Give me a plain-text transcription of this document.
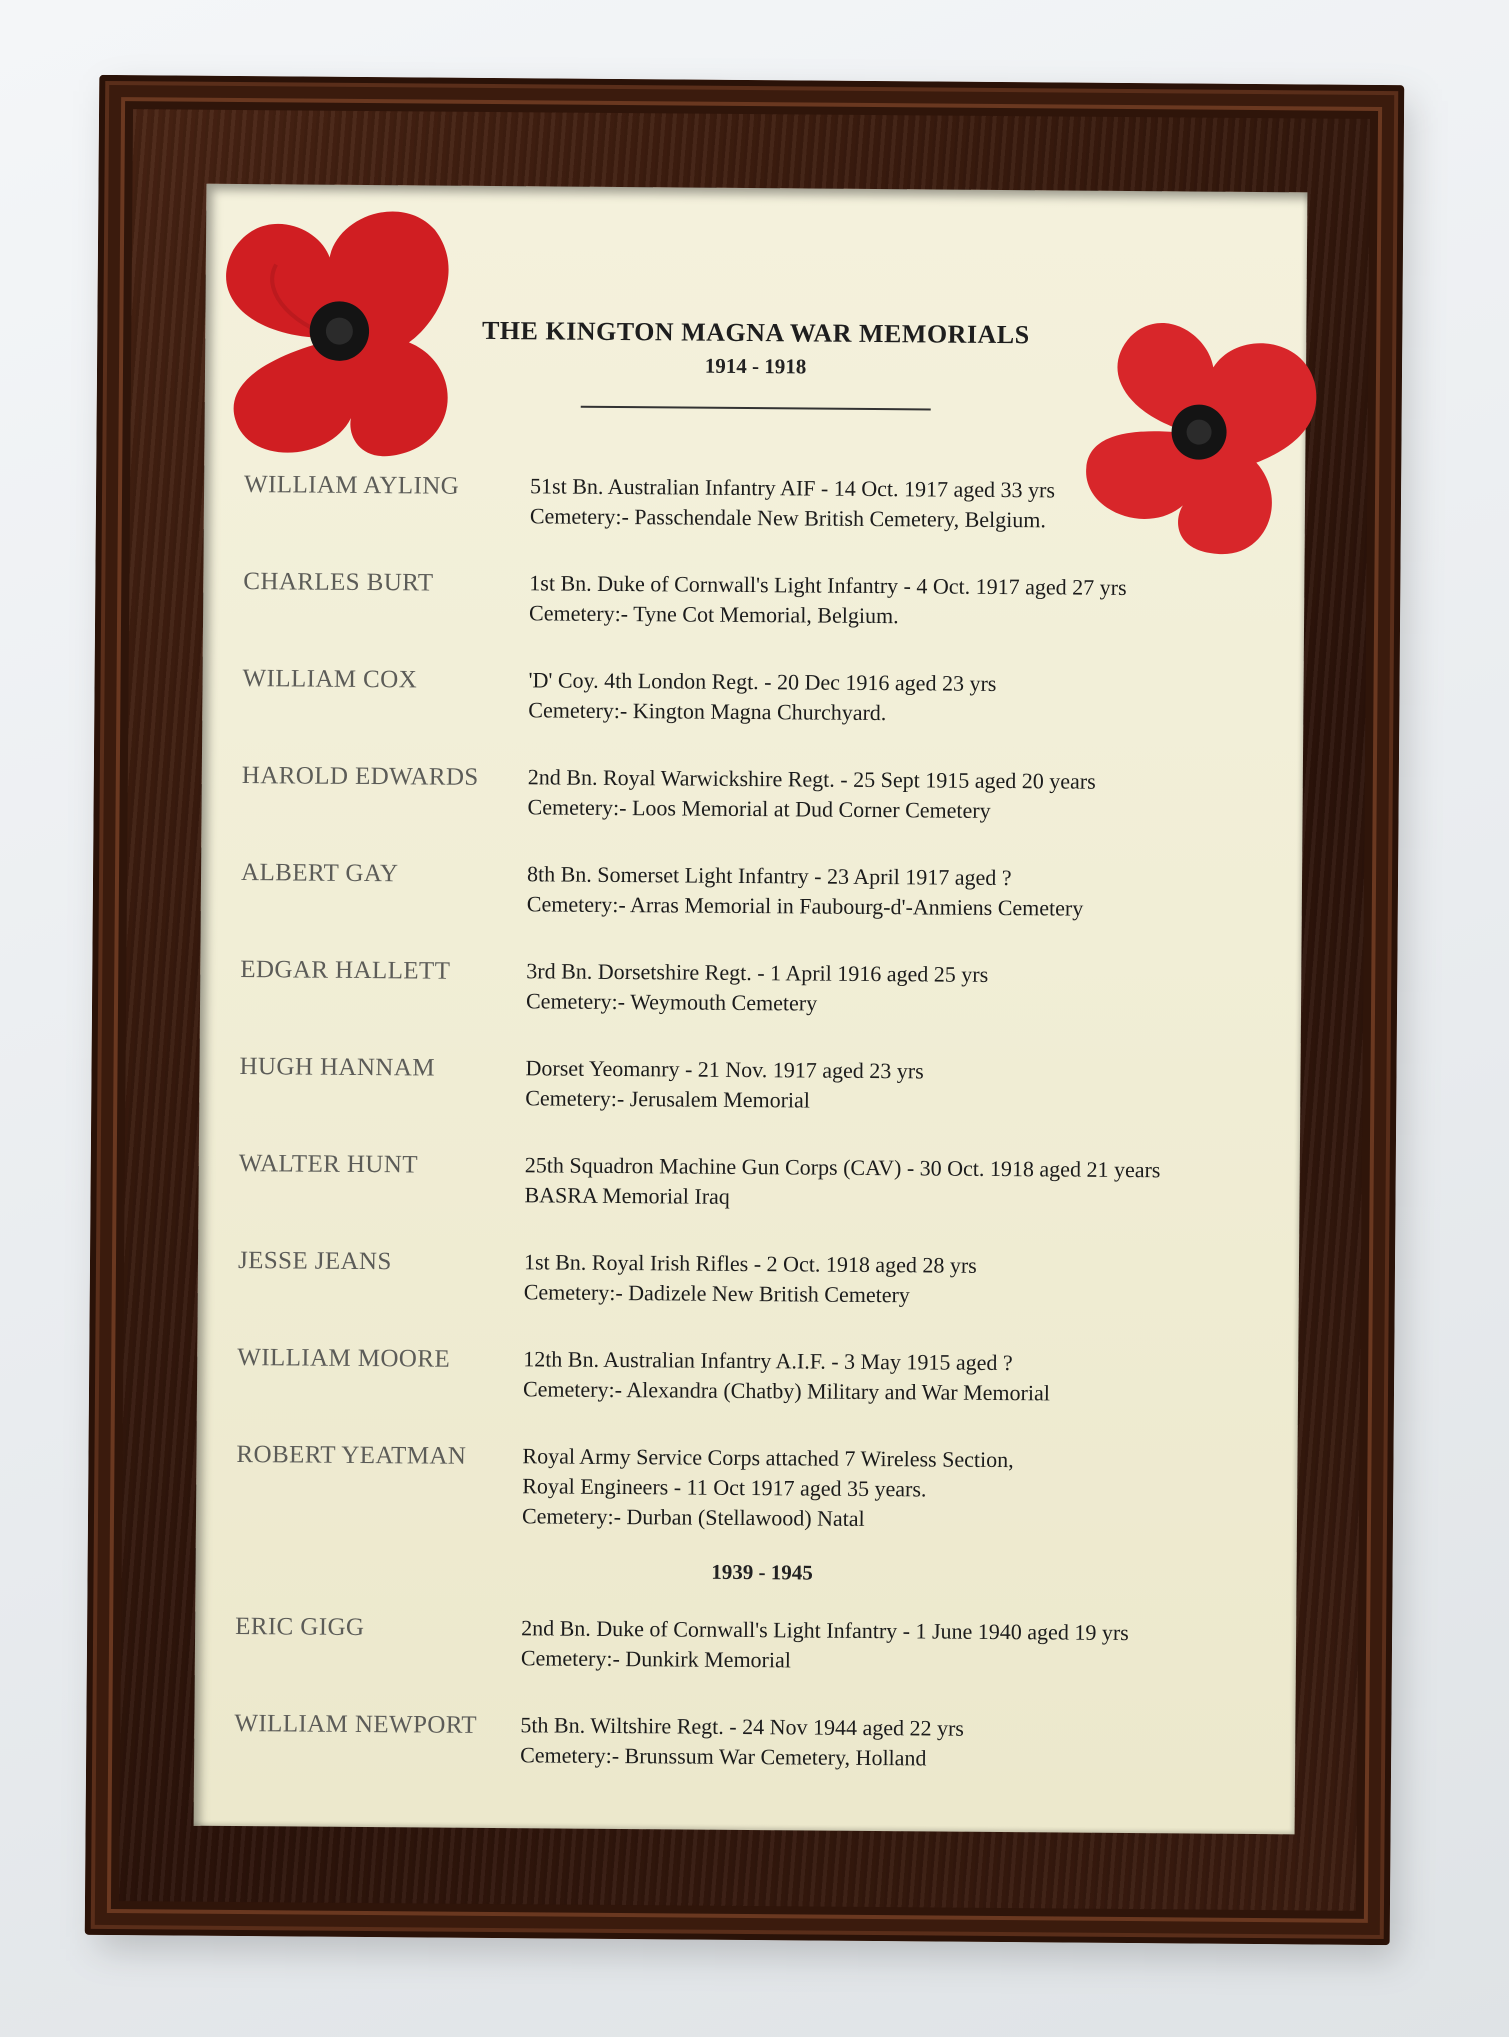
THE KINGTON MAGNA WAR MEMORIALS
1914 - 1918
WILLIAM AYLING	51st Bn. Australian Infantry AIF - 14 Oct. 1917 aged 33 yrs
Cemetery:- Passchendale New British Cemetery, Belgium.
CHARLES BURT	1st Bn. Duke of Cornwall's Light Infantry - 4 Oct. 1917 aged 27 yrs
Cemetery:- Tyne Cot Memorial, Belgium.
WILLIAM COX	'D' Coy. 4th London Regt. - 20 Dec 1916 aged 23 yrs
Cemetery:- Kington Magna Churchyard.
HAROLD EDWARDS	2nd Bn. Royal Warwickshire Regt. - 25 Sept 1915 aged 20 years
Cemetery:- Loos Memorial at Dud Corner Cemetery
ALBERT GAY	8th Bn. Somerset Light Infantry - 23 April 1917 aged ?
Cemetery:- Arras Memorial in Faubourg-d'-Anmiens Cemetery
EDGAR HALLETT	3rd Bn. Dorsetshire Regt. - 1 April 1916 aged 25 yrs
Cemetery:- Weymouth Cemetery
HUGH HANNAM	Dorset Yeomanry - 21 Nov. 1917 aged 23 yrs
Cemetery:- Jerusalem Memorial
WALTER HUNT	25th Squadron Machine Gun Corps (CAV) - 30 Oct. 1918 aged 21 years
BASRA Memorial Iraq
JESSE JEANS	1st Bn. Royal Irish Rifles - 2 Oct. 1918 aged 28 yrs
Cemetery:- Dadizele New British Cemetery
WILLIAM MOORE	12th Bn. Australian Infantry A.I.F. - 3 May 1915 aged ?
Cemetery:- Alexandra (Chatby) Military and War Memorial
ROBERT YEATMAN	Royal Army Service Corps attached 7 Wireless Section,
Royal Engineers - 11 Oct 1917 aged 35 years.
Cemetery:- Durban (Stellawood) Natal
1939 - 1945
ERIC GIGG	2nd Bn. Duke of Cornwall's Light Infantry - 1 June 1940 aged 19 yrs
Cemetery:- Dunkirk Memorial
WILLIAM NEWPORT	5th Bn. Wiltshire Regt. - 24 Nov 1944 aged 22 yrs
Cemetery:- Brunssum War Cemetery, Holland
